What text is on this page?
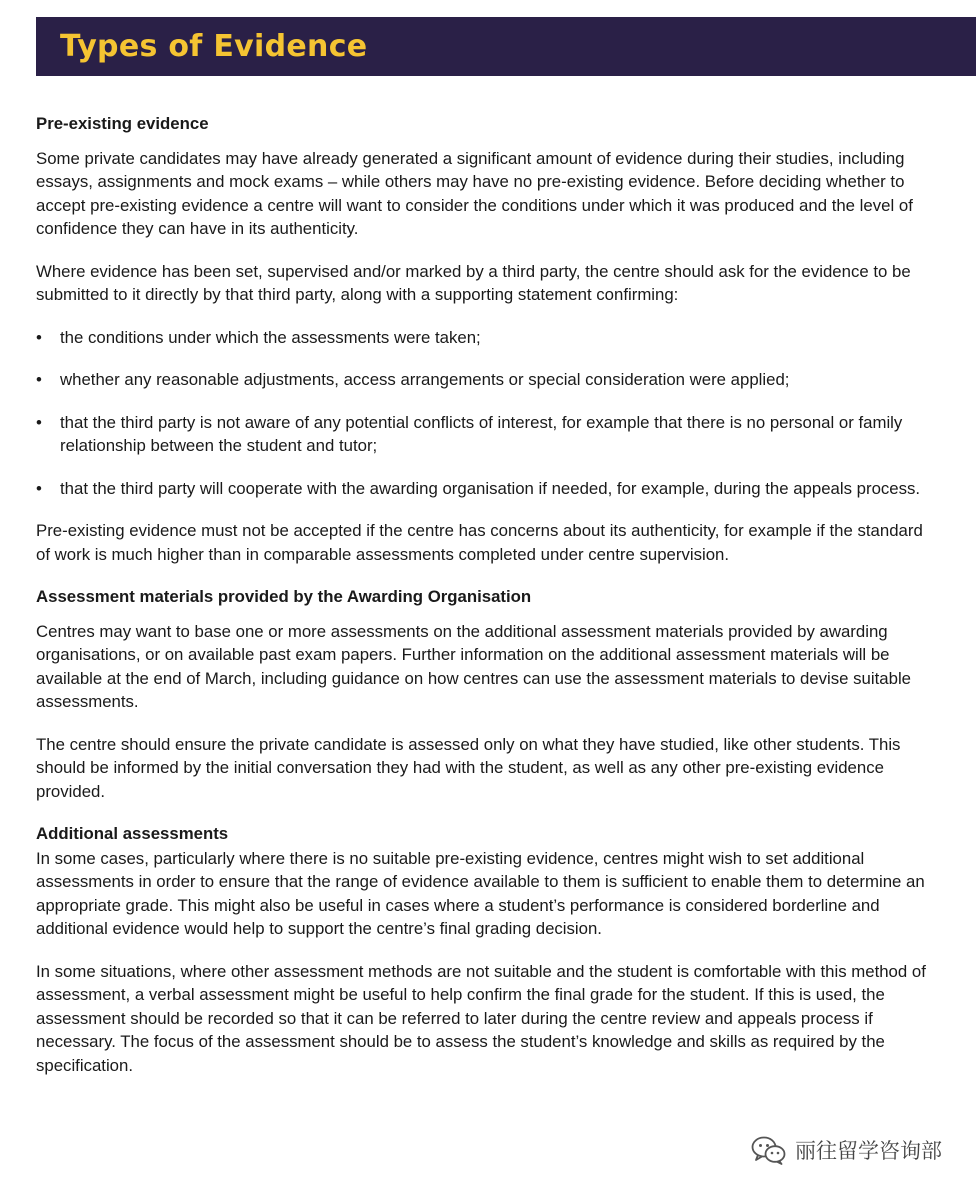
Types of Evidence
Pre-existing evidence

Some private candidates may have already generated a significant amount of evidence during their studies, including essays, assignments and mock exams – while others may have no pre-existing evidence. Before deciding whether to accept pre-existing evidence a centre will want to consider the conditions under which it was produced and the level of confidence they can have in its authenticity.

Where evidence has been set, supervised and/or marked by a third party, the centre should ask for the evidence to be submitted to it directly by that third party, along with a supporting statement confirming:

• the conditions under which the assessments were taken;
• whether any reasonable adjustments, access arrangements or special consideration were applied;
• that the third party is not aware of any potential conflicts of interest, for example that there is no personal or family relationship between the student and tutor;
• that the third party will cooperate with the awarding organisation if needed, for example, during the appeals process.

Pre-existing evidence must not be accepted if the centre has concerns about its authenticity, for example if the standard of work is much higher than in comparable assessments completed under centre supervision.

Assessment materials provided by the Awarding Organisation

Centres may want to base one or more assessments on the additional assessment materials provided by awarding organisations, or on available past exam papers. Further information on the additional assessment materials will be available at the end of March, including guidance on how centres can use the assessment materials to devise suitable assessments.

The centre should ensure the private candidate is assessed only on what they have studied, like other students. This should be informed by the initial conversation they had with the student, as well as any other pre-existing evidence provided.

Additional assessments

In some cases, particularly where there is no suitable pre-existing evidence, centres might wish to set additional assessments in order to ensure that the range of evidence available to them is sufficient to enable them to determine an appropriate grade. This might also be useful in cases where a student’s performance is considered borderline and additional evidence would help to support the centre’s final grading decision.

In some situations, where other assessment methods are not suitable and the student is comfortable with this method of assessment, a verbal assessment might be useful to help confirm the final grade for the student. If this is used, the assessment should be recorded so that it can be referred to later during the centre review and appeals process if necessary. The focus of the assessment should be to assess the student’s knowledge and skills as required by the specification.

丽往留学咨询部
